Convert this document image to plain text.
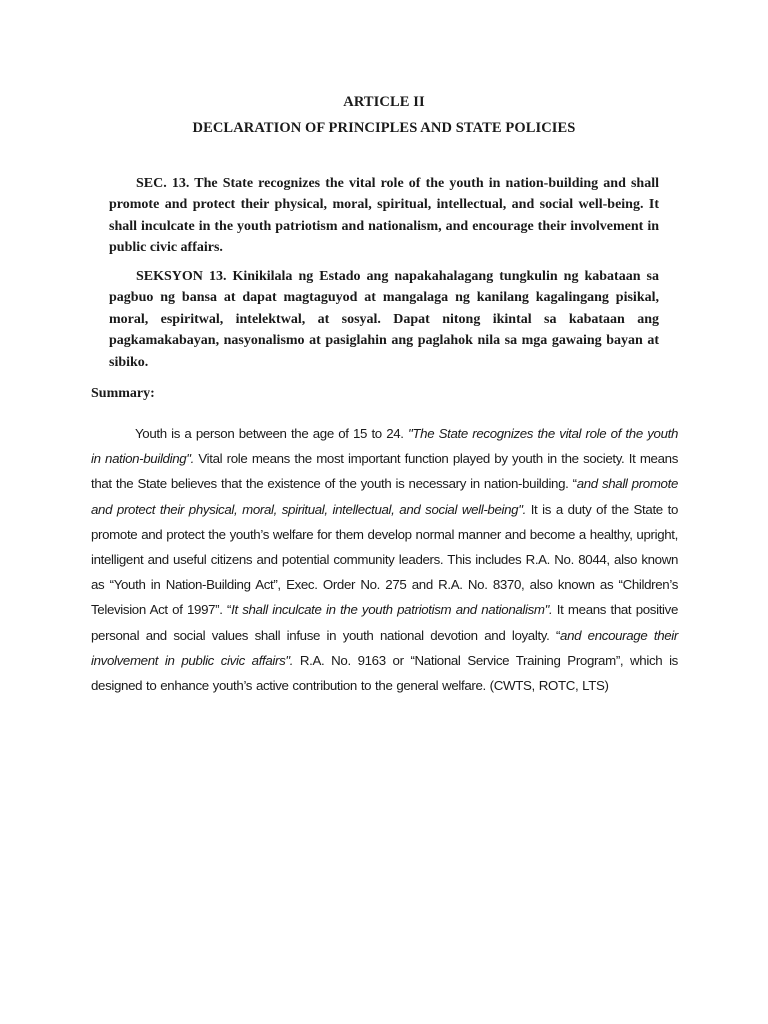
ARTICLE II
DECLARATION OF PRINCIPLES AND STATE POLICIES

SEC. 13. The State recognizes the vital role of the youth in nation-building and shall promote and protect their physical, moral, spiritual, intellectual, and social well-being. It shall inculcate in the youth patriotism and nationalism, and encourage their involvement in public civic affairs.

SEKSYON 13. Kinikilala ng Estado ang napakahalagang tungkulin ng kabataan sa pagbuo ng bansa at dapat magtaguyod at mangalaga ng kanilang kagalingang pisikal, moral, espiritwal, intelektwal, at sosyal. Dapat nitong ikintal sa kabataan ang pagkamakabayan, nasyonalismo at pasiglahin ang paglahok nila sa mga gawaing bayan at sibiko.

Summary:

Youth is a person between the age of 15 to 24. "The State recognizes the vital role of the youth in nation-building". Vital role means the most important function played by youth in the society. It means that the State believes that the existence of the youth is necessary in nation-building. “and shall promote and protect their physical, moral, spiritual, intellectual, and social well-being". It is a duty of the State to promote and protect the youth’s welfare for them develop normal manner and become a healthy, upright, intelligent and useful citizens and potential community leaders. This includes R.A. No. 8044, also known as “Youth in Nation-Building Act”, Exec. Order No. 275 and R.A. No. 8370, also known as “Children’s Television Act of 1997”. “It shall inculcate in the youth patriotism and nationalism". It means that positive personal and social values shall infuse in youth national devotion and loyalty. “and encourage their involvement in public civic affairs". R.A. No. 9163 or “National Service Training Program”, which is designed to enhance youth’s active contribution to the general welfare. (CWTS, ROTC, LTS)
